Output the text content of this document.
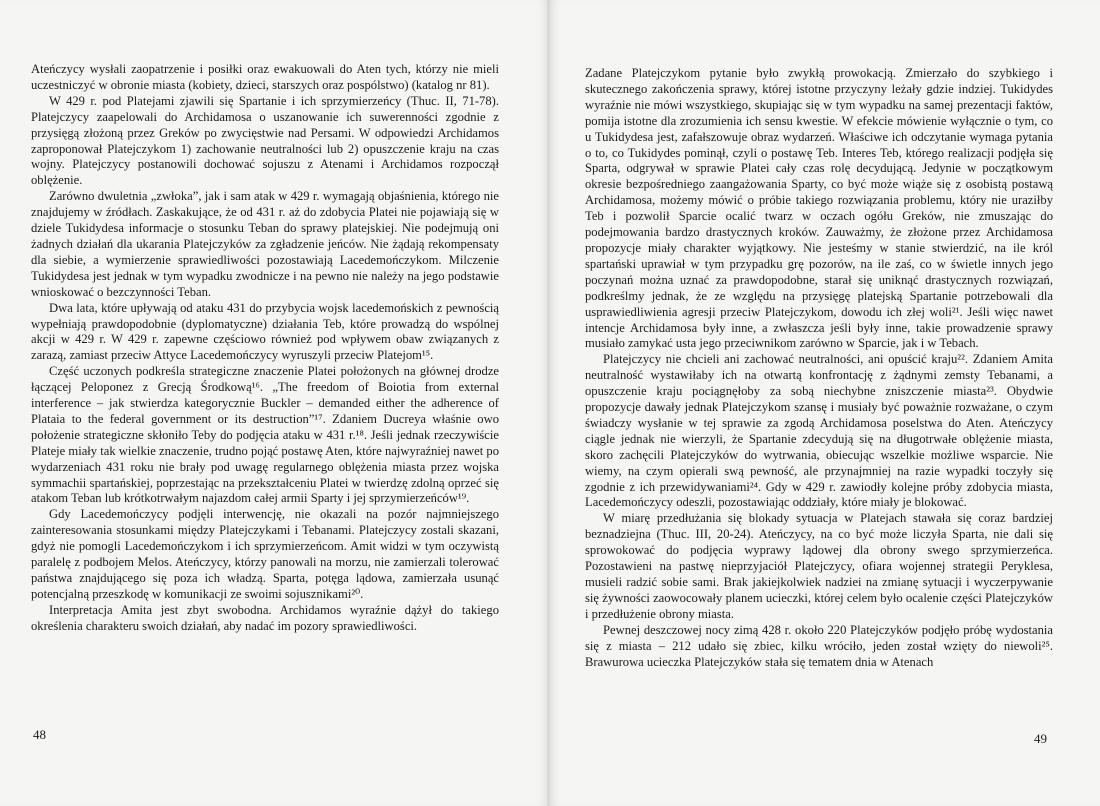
Ateńczycy wysłali zaopatrzenie i posiłki oraz ewakuowali do Aten tych, którzy nie mieli uczestniczyć w obronie miasta (kobiety, dzieci, starszych oraz pospólstwo) (katalog nr 81).

W 429 r. pod Platejami zjawili się Spartanie i ich sprzymierzeńcy (Thuc. II, 71-78). Platejczycy zaapelowali do Archidamosa o uszanowanie ich suwerenności zgodnie z przysięgą złożoną przez Greków po zwycięstwie nad Persami. W odpowiedzi Archidamos zaproponował Platejczykom 1) zachowanie neutralności lub 2) opuszczenie kraju na czas wojny. Platejczycy postanowili dochować sojuszu z Atenami i Archidamos rozpoczął oblężenie.

Zarówno dwuletnia „zwłoka”, jak i sam atak w 429 r. wymagają objaśnienia, którego nie znajdujemy w źródłach. Zaskakujące, że od 431 r. aż do zdobycia Platei nie pojawiają się w dziele Tukidydesa informacje o stosunku Teban do sprawy platejskiej. Nie podejmują oni żadnych działań dla ukarania Platejczyków za zgładzenie jeńców. Nie żądają rekompensaty dla siebie, a wymierzenie sprawiedliwości pozostawiają Lacedemończykom. Milczenie Tukidydesa jest jednak w tym wypadku zwodnicze i na pewno nie należy na jego podstawie wnioskować o bezczynności Teban.

Dwa lata, które upływają od ataku 431 do przybycia wojsk lacedemońskich z pewnością wypełniają prawdopodobnie (dyplomatyczne) działania Teb, które prowadzą do wspólnej akcji w 429 r. W 429 r. zapewne częściowo również pod wpływem obaw związanych z zarazą, zamiast przeciw Attyce Lacedemończycy wyruszyli przeciw Platejom¹⁵.

Część uczonych podkreśla strategiczne znaczenie Platei położonych na głównej drodze łączącej Peloponez z Grecją Środkową¹⁶. „The freedom of Boiotia from external interference – jak stwierdza kategorycznie Buckler – demanded either the adherence of Plataia to the federal government or its destruction”¹⁷. Zdaniem Ducreya właśnie owo położenie strategiczne skłoniło Teby do podjęcia ataku w 431 r.¹⁸. Jeśli jednak rzeczywiście Plateje miały tak wielkie znaczenie, trudno pojąć postawę Aten, które najwyraźniej nawet po wydarzeniach 431 roku nie brały pod uwagę regularnego oblężenia miasta przez wojska symmachii spartańskiej, poprzestając na przekształceniu Platei w twierdzę zdolną oprzeć się atakom Teban lub krótkotrwałym najazdom całej armii Sparty i jej sprzymierzeńców¹⁹.

Gdy Lacedemończycy podjęli interwencję, nie okazali na pozór najmniejszego zainteresowania stosunkami między Platejczykami i Tebanami. Platejczycy zostali skazani, gdyż nie pomogli Lacedemończykom i ich sprzymierzeńcom. Amit widzi w tym oczywistą paralelę z podbojem Melos. Ateńczycy, którzy panowali na morzu, nie zamierzali tolerować państwa znajdującego się poza ich władzą. Sparta, potęga lądowa, zamierzała usunąć potencjalną przeszkodę w komunikacji ze swoimi sojusznikami²⁰.

Interpretacja Amita jest zbyt swobodna. Archidamos wyraźnie dążył do takiego określenia charakteru swoich działań, aby nadać im pozory sprawiedliwości.

48

Zadane Platejczykom pytanie było zwykłą prowokacją. Zmierzało do szybkiego i skutecznego zakończenia sprawy, której istotne przyczyny leżały gdzie indziej. Tukidydes wyraźnie nie mówi wszystkiego, skupiając się w tym wypadku na samej prezentacji faktów, pomija istotne dla zrozumienia ich sensu kwestie. W efekcie mówienie wyłącznie o tym, co u Tukidydesa jest, zafałszowuje obraz wydarzeń. Właściwe ich odczytanie wymaga pytania o to, co Tukidydes pominął, czyli o postawę Teb. Interes Teb, którego realizacji podjęła się Sparta, odgrywał w sprawie Platei cały czas rolę decydującą. Jedynie w początkowym okresie bezpośredniego zaangażowania Sparty, co być może wiąże się z osobistą postawą Archidamosa, możemy mówić o próbie takiego rozwiązania problemu, który nie uraziłby Teb i pozwolił Sparcie ocalić twarz w oczach ogółu Greków, nie zmuszając do podejmowania bardzo drastycznych kroków. Zauważmy, że złożone przez Archidamosa propozycje miały charakter wyjątkowy. Nie jesteśmy w stanie stwierdzić, na ile król spartański uprawiał w tym przypadku grę pozorów, na ile zaś, co w świetle innych jego poczynań można uznać za prawdopodobne, starał się uniknąć drastycznych rozwiązań, podkreślmy jednak, że ze względu na przysięgę platejską Spartanie potrzebowali dla usprawiedliwienia agresji przeciw Platejczykom, dowodu ich złej woli²¹. Jeśli więc nawet intencje Archidamosa były inne, a zwłaszcza jeśli były inne, takie prowadzenie sprawy musiało zamykać usta jego przeciwnikom zarówno w Sparcie, jak i w Tebach.

Platejczycy nie chcieli ani zachować neutralności, ani opuścić kraju²². Zdaniem Amita neutralność wystawiłaby ich na otwartą konfrontację z żądnymi zemsty Tebanami, a opuszczenie kraju pociągnęłoby za sobą niechybne zniszczenie miasta²³. Obydwie propozycje dawały jednak Platejczykom szansę i musiały być poważnie rozważane, o czym świadczy wysłanie w tej sprawie za zgodą Archidamosa poselstwa do Aten. Ateńczycy ciągle jednak nie wierzyli, że Spartanie zdecydują się na długotrwałe oblężenie miasta, skoro zachęcili Platejczyków do wytrwania, obiecując wszelkie możliwe wsparcie. Nie wiemy, na czym opierali swą pewność, ale przynajmniej na razie wypadki toczyły się zgodnie z ich przewidywaniami²⁴. Gdy w 429 r. zawiodły kolejne próby zdobycia miasta, Lacedemończycy odeszli, pozostawiając oddziały, które miały je blokować.

W miarę przedłużania się blokady sytuacja w Platejach stawała się coraz bardziej beznadziejna (Thuc. III, 20-24). Ateńczycy, na co być może liczyła Sparta, nie dali się sprowokować do podjęcia wyprawy lądowej dla obrony swego sprzymierzeńca. Pozostawieni na pastwę nieprzyjaciół Platejczycy, ofiara wojennej strategii Peryklesa, musieli radzić sobie sami. Brak jakiejkolwiek nadziei na zmianę sytuacji i wyczerpywanie się żywności zaowocowały planem ucieczki, której celem było ocalenie części Platejczyków i przedłużenie obrony miasta.

Pewnej deszczowej nocy zimą 428 r. około 220 Platejczyków podjęło próbę wydostania się z miasta – 212 udało się zbiec, kilku wróciło, jeden został wzięty do niewoli²⁵. Brawurowa ucieczka Platejczyków stała się tematem dnia w Atenach

49
